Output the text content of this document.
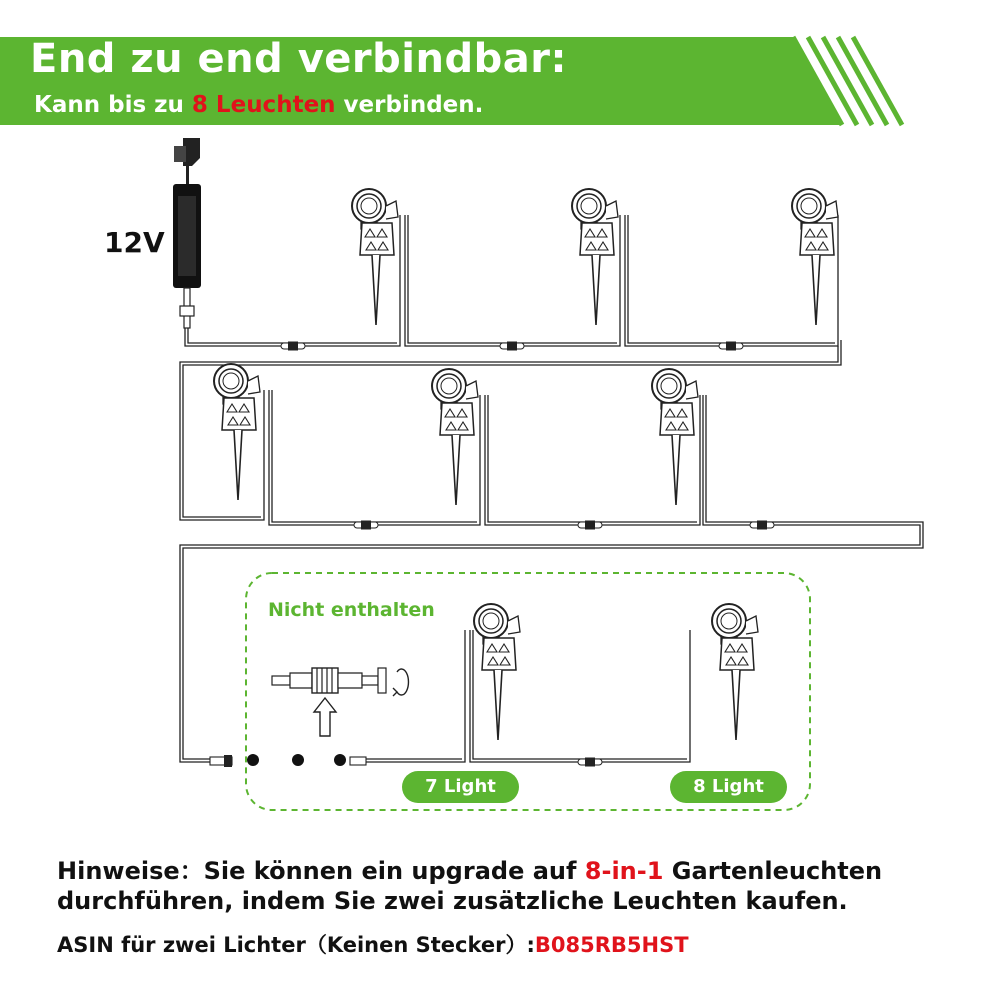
End zu end verbindbar:
Kann bis zu 8 Leuchten verbinden.
12V
Nicht enthalten
7 Light	8 Light
Hinweise：Sie können ein upgrade auf 8-in-1 Gartenleuchten
durchführen, indem Sie zwei zusätzliche Leuchten kaufen.
ASIN für zwei Lichter（Keinen Stecker）:B085RB5HST
